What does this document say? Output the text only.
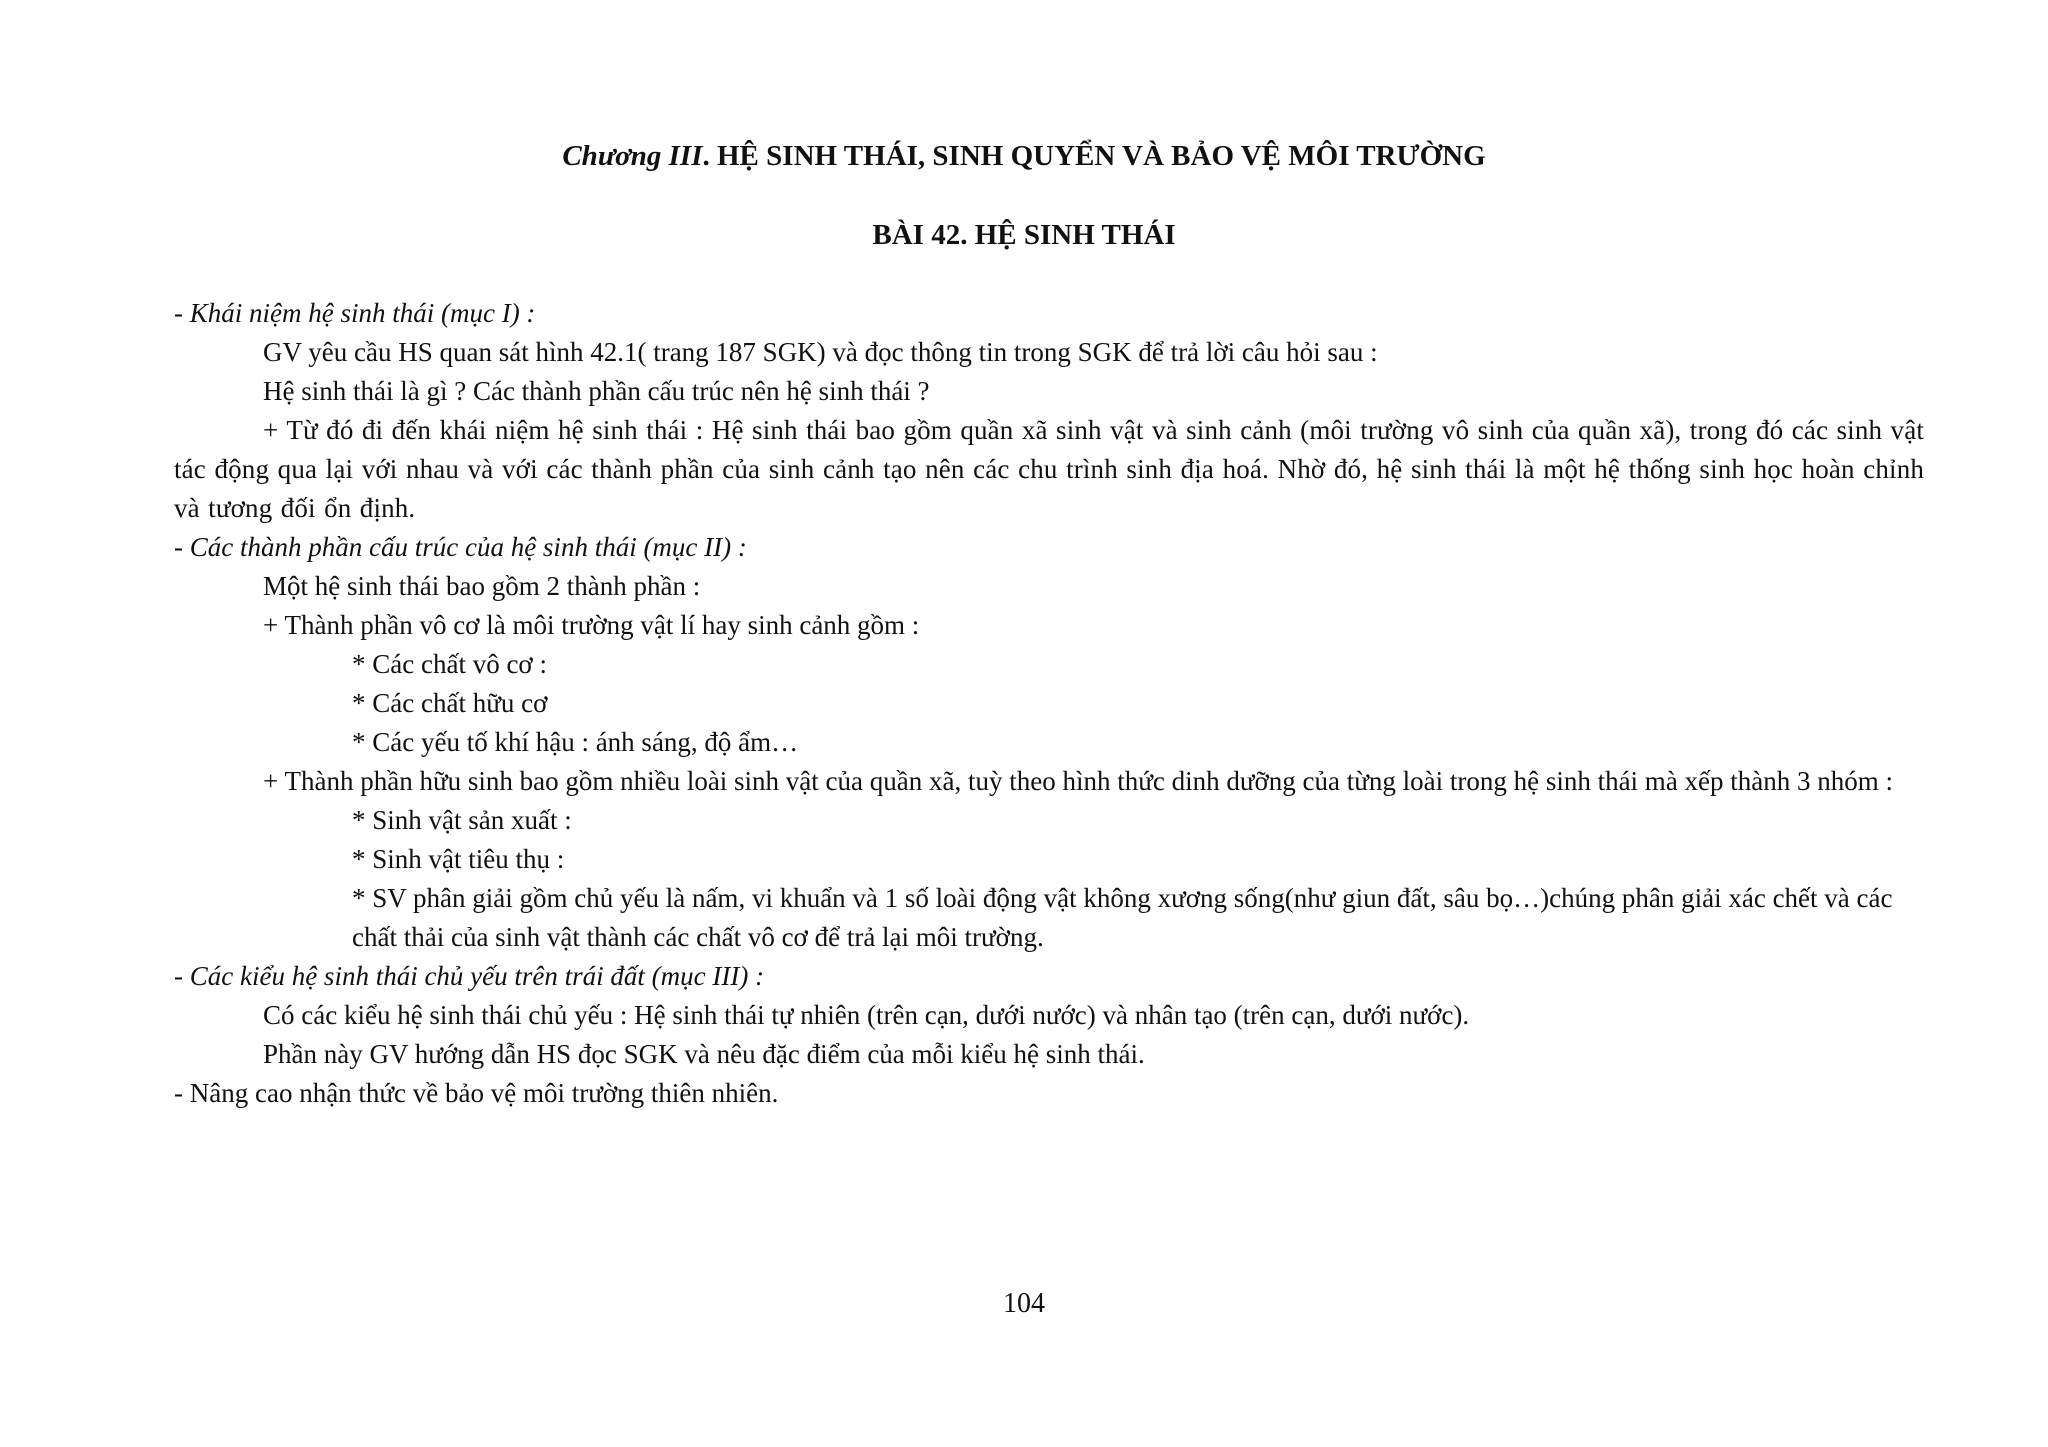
Chương III. HỆ SINH THÁI, SINH QUYỂN VÀ BẢO VỆ MÔI TRƯỜNG
BÀI 42. HỆ SINH THÁI
- Khái niệm hệ sinh thái (mục I) :
GV yêu cầu HS quan sát hình 42.1( trang 187 SGK) và đọc thông tin trong SGK để trả lời câu hỏi sau :
Hệ sinh thái là gì ? Các thành phần cấu trúc nên hệ sinh thái ?
+ Từ đó đi đến khái niệm hệ sinh thái : Hệ sinh thái bao gồm quần xã sinh vật và sinh cảnh (môi trường vô sinh của quần xã), trong đó các sinh vật tác động qua lại với nhau và với các thành phần của sinh cảnh tạo nên các chu trình sinh địa hoá. Nhờ đó, hệ sinh thái là một hệ thống sinh học hoàn chỉnh và tương đối ổn định.
- Các thành phần cấu trúc của hệ sinh thái (mục II) :
Một hệ sinh thái bao gồm 2 thành phần :
+ Thành phần vô cơ là môi trường vật lí hay sinh cảnh gồm :
* Các chất vô cơ :
* Các chất hữu cơ
* Các yếu tố khí hậu : ánh sáng, độ ẩm…
+ Thành phần hữu sinh bao gồm nhiều loài sinh vật của quần xã, tuỳ theo hình thức dinh dưỡng của từng loài trong hệ sinh thái mà xếp thành 3 nhóm :
* Sinh vật sản xuất :
* Sinh vật tiêu thụ :
* SV phân giải gồm chủ yếu là nấm, vi khuẩn và 1 số loài động vật không xương sống(như giun đất, sâu bọ…)chúng phân giải xác chết và các chất thải của sinh vật thành các chất vô cơ để trả lại môi trường.
- Các kiểu hệ sinh thái chủ yếu trên trái đất (mục III) :
Có các kiểu hệ sinh thái chủ yếu : Hệ sinh thái tự nhiên (trên cạn, dưới nước) và nhân tạo (trên cạn, dưới nước).
Phần này GV hướng dẫn HS đọc SGK và nêu đặc điểm của mỗi kiểu hệ sinh thái.
- Nâng cao nhận thức về bảo vệ môi trường thiên nhiên.
104
